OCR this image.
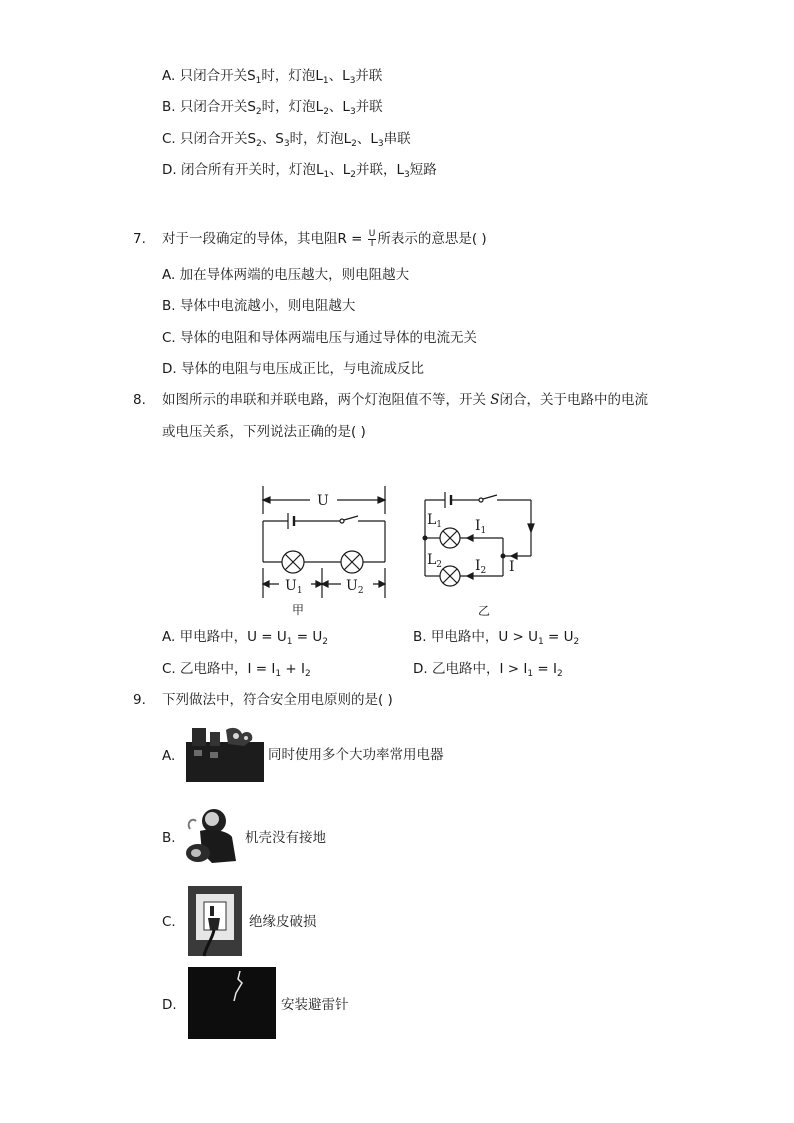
A. 只闭合开关$S_1$时，灯泡$L_1$、$L_3$并联
B. 只闭合开关$S_2$时，灯泡$L_2$、$L_3$并联
C. 只闭合开关$S_2$、$S_3$时，灯泡$L_2$、$L_3$串联
D. 闭合所有开关时，灯泡$L_1$、$L_2$并联，$L_3$短路
7. 对于一段确定的导体，其电阻$R = \frac{U}{I}$ 所表示的意思是( )
A. 加在导体两端的电压越大，则电阻越大
B. 导体中电流越小，则电阻越大
C. 导体的电阻和导体两端电压与通过导体的电流无关
D. 导体的电阻与电压成正比，与电流成反比
8. 如图所示的串联和并联电路，两个灯泡阻值不等，开关 S闭合，关于电路中的电流
或电压关系，下列说法正确的是( )
U
$U_1$	$U_2$
甲
$L_1$ $I_1$
$L_2$ $I_2$ I
乙
A. 甲电路中，$U = U_1 = U_2$	B. 甲电路中，$U > U_1 = U_2$
C. 乙电路中，$I = I_1 + I_2$	D. 乙电路中，$I > I_1 = I_2$
9. 下列做法中，符合安全用电原则的是( )
A.	同时使用多个大功率常用电器
B.	机壳没有接地
C.	绝缘皮破损
D.	安装避雷针
